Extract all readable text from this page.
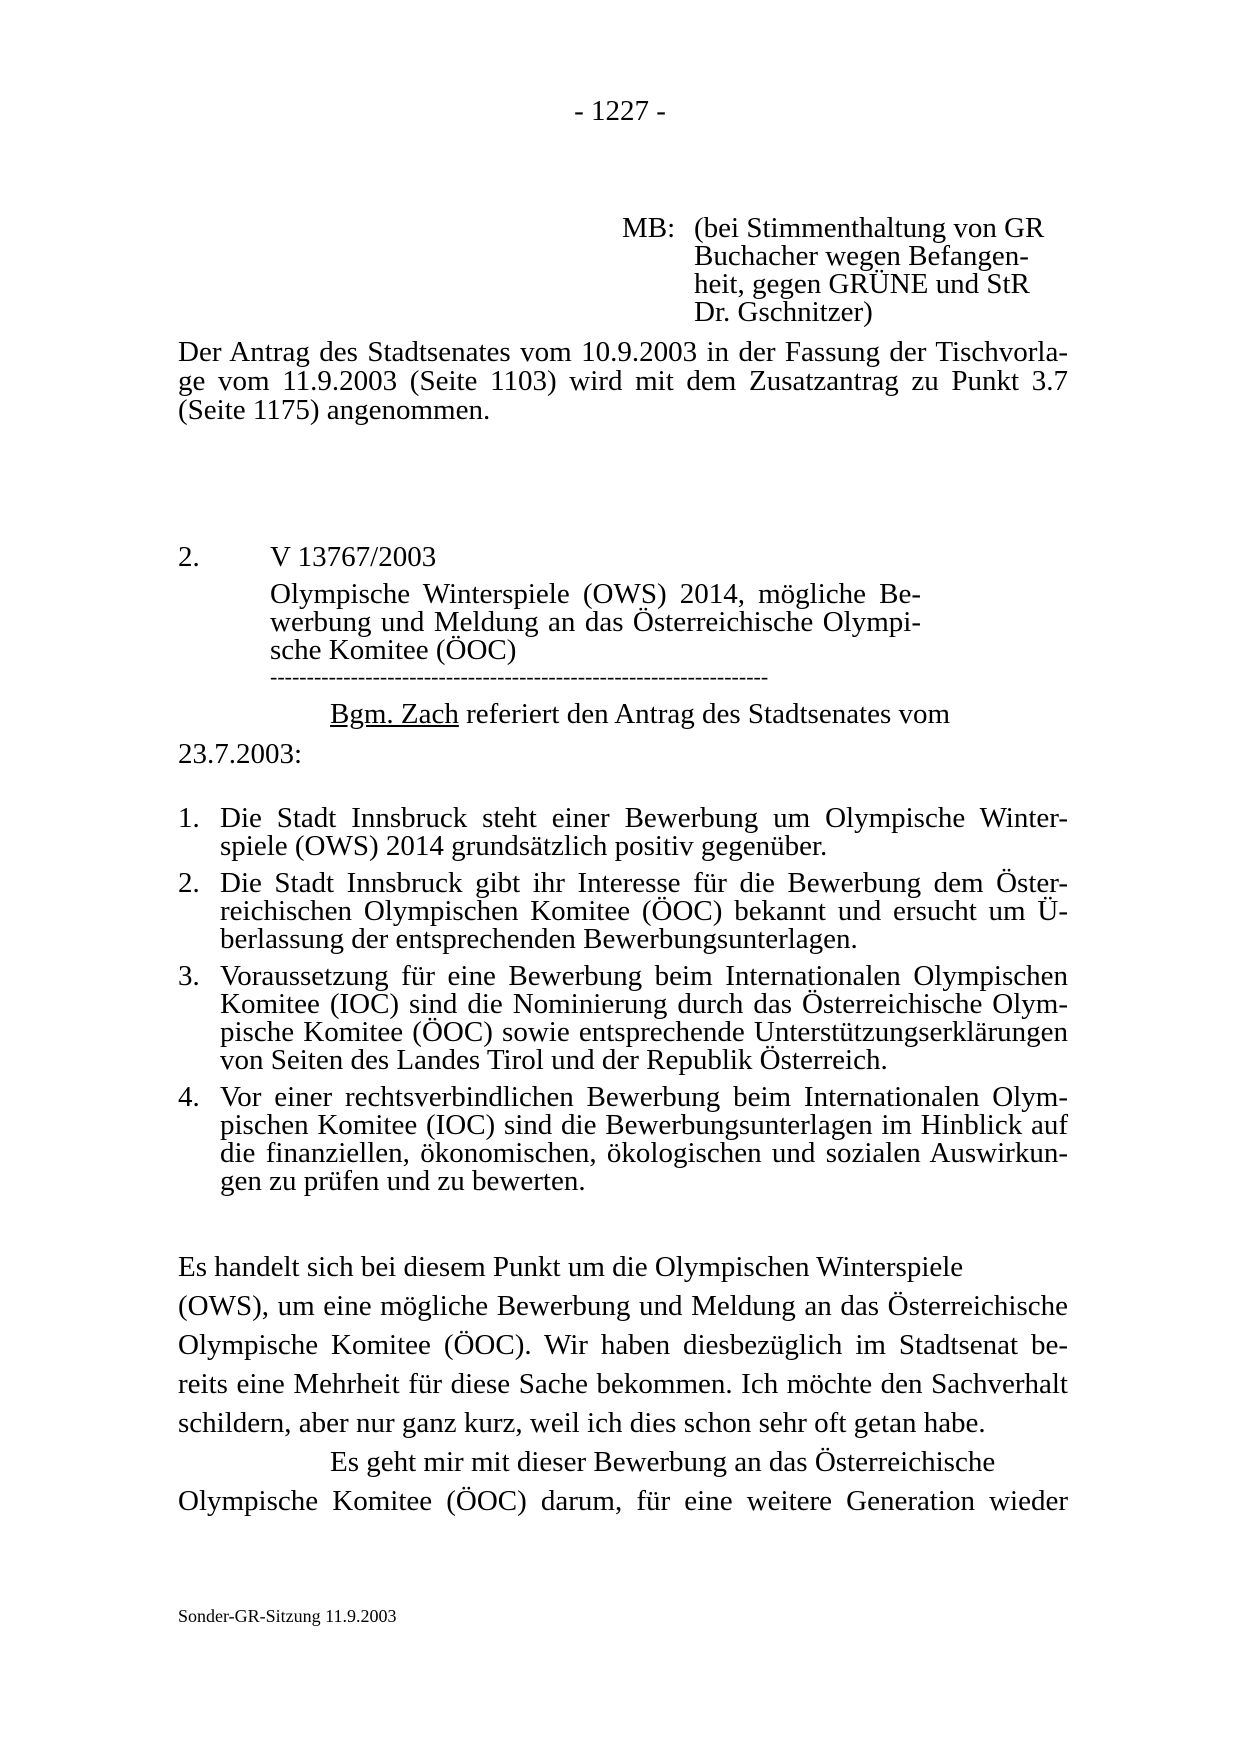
- 1227 -
MB: (bei Stimmenthaltung von GR
Buchacher wegen Befangen-
heit, gegen GRÜNE und StR
Dr. Gschnitzer)
Der Antrag des Stadtsenates vom 10.9.2003 in der Fassung der Tischvorla-
ge vom 11.9.2003 (Seite 1103) wird mit dem Zusatzantrag zu Punkt 3.7
(Seite 1175) angenommen.
2. V 13767/2003
Olympische Winterspiele (OWS) 2014, mögliche Be-
werbung und Meldung an das Österreichische Olympi-
sche Komitee (ÖOC)
--------------------------------------------------------------------
Bgm. Zach referiert den Antrag des Stadtsenates vom
23.7.2003:
1. Die Stadt Innsbruck steht einer Bewerbung um Olympische Winter-
spiele (OWS) 2014 grundsätzlich positiv gegenüber.
2. Die Stadt Innsbruck gibt ihr Interesse für die Bewerbung dem Öster-
reichischen Olympischen Komitee (ÖOC) bekannt und ersucht um Ü-
berlassung der entsprechenden Bewerbungsunterlagen.
3. Voraussetzung für eine Bewerbung beim Internationalen Olympischen
Komitee (IOC) sind die Nominierung durch das Österreichische Olym-
pische Komitee (ÖOC) sowie entsprechende Unterstützungserklärungen
von Seiten des Landes Tirol und der Republik Österreich.
4. Vor einer rechtsverbindlichen Bewerbung beim Internationalen Olym-
pischen Komitee (IOC) sind die Bewerbungsunterlagen im Hinblick auf
die finanziellen, ökonomischen, ökologischen und sozialen Auswirkun-
gen zu prüfen und zu bewerten.
Es handelt sich bei diesem Punkt um die Olympischen Winterspiele
(OWS), um eine mögliche Bewerbung und Meldung an das Österreichische
Olympische Komitee (ÖOC). Wir haben diesbezüglich im Stadtsenat be-
reits eine Mehrheit für diese Sache bekommen. Ich möchte den Sachverhalt
schildern, aber nur ganz kurz, weil ich dies schon sehr oft getan habe.
Es geht mir mit dieser Bewerbung an das Österreichische
Olympische Komitee (ÖOC) darum, für eine weitere Generation wieder
Sonder-GR-Sitzung 11.9.2003
